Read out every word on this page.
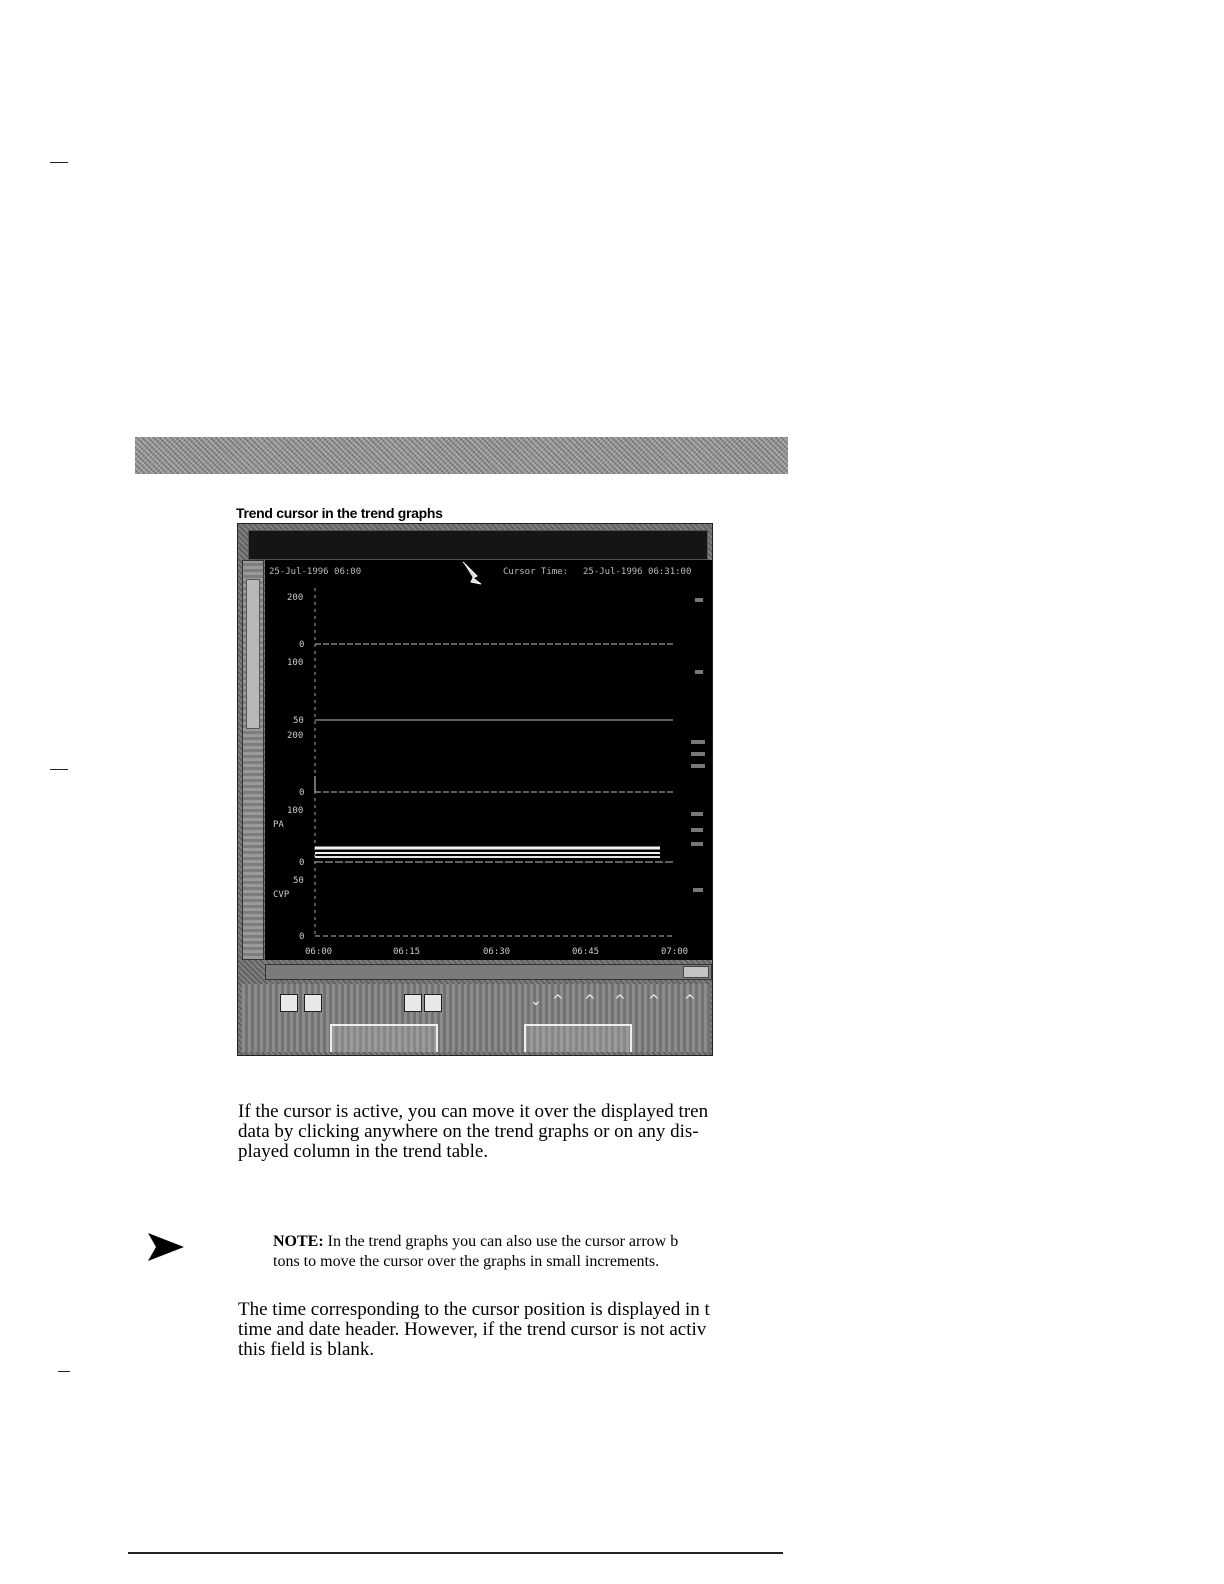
Trend cursor in the trend graphs
25-Jul-1996 06:00	Cursor Time: 25-Jul-1996 06:31:00
200
0
100
50
200
0
100
PA
0
50
CVP
0
06:00	06:15	06:30	06:45	07:00
⌄ ^ ^ ^ ^ ^
If the cursor is active, you can move it over the displayed tren
data by clicking anywhere on the trend graphs or on any dis-
played column in the trend table.
NOTE: In the trend graphs you can also use the cursor arrow b
tons to move the cursor over the graphs in small increments.
The time corresponding to the cursor position is displayed in t
time and date header. However, if the trend cursor is not activ
this field is blank.
